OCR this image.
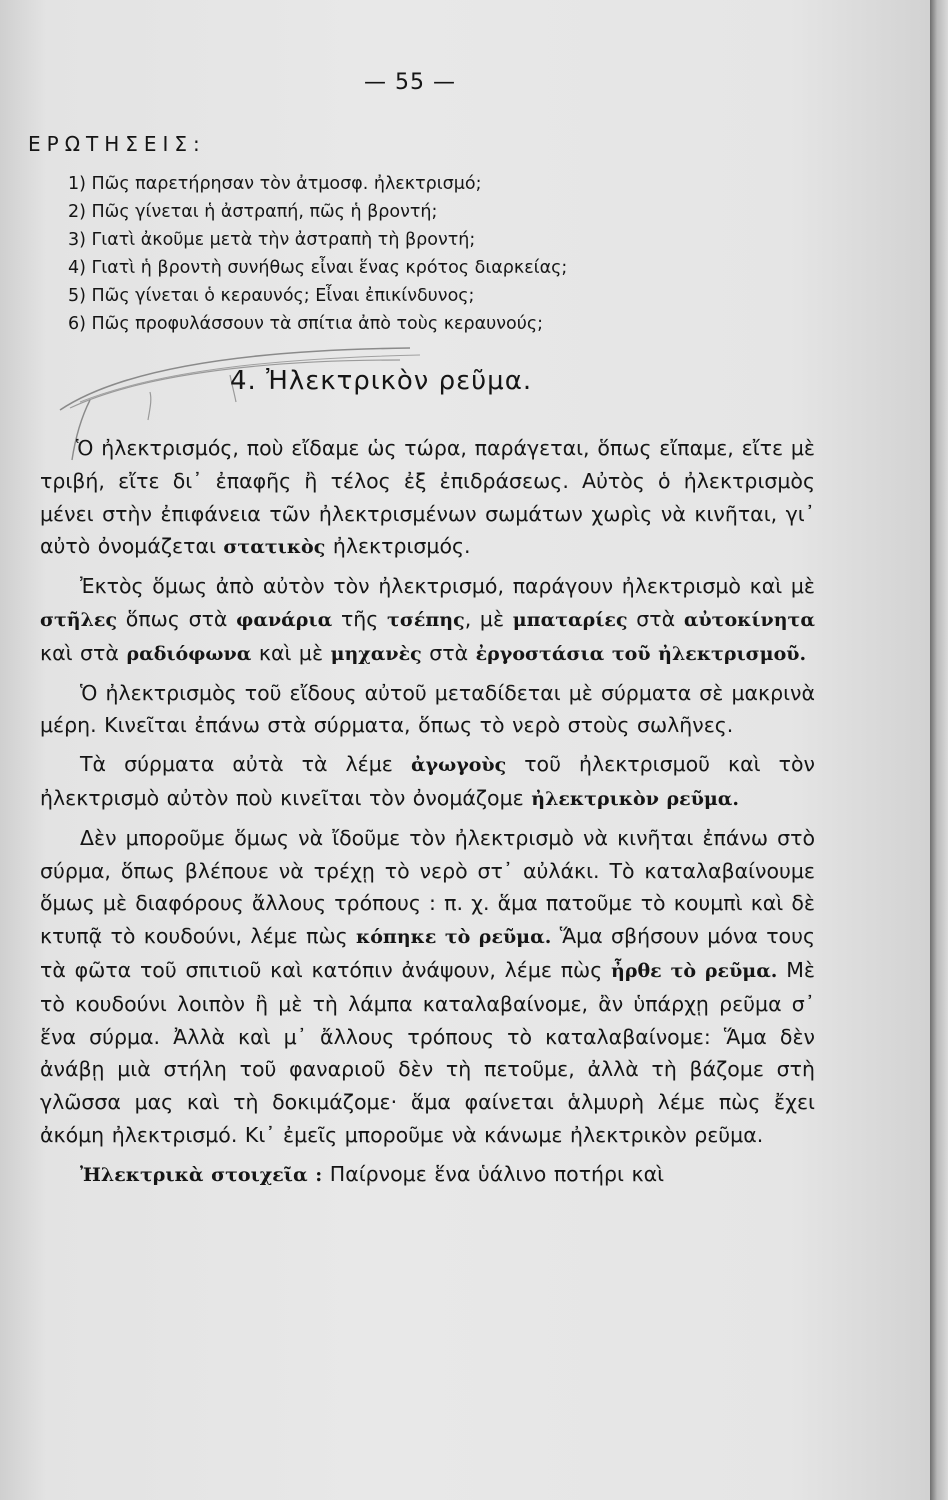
— 55 —
ΕΡΩΤΗΣΕΙΣ:
1) Πῶς παρετήρησαν τὸν ἀτμοσφ. ἠλεκτρισμό;
2) Πῶς γίνεται ἡ ἀστραπή, πῶς ἡ βροντή;
3) Γιατὶ ἀκοῦμε μετὰ τὴν ἀστραπὴ τὴ βροντή;
4) Γιατὶ ἡ βροντὴ συνήθως εἶναι ἕνας κρότος διαρκείας;
5) Πῶς γίνεται ὁ κεραυνός; Εἶναι ἐπικίνδυνος;
6) Πῶς προφυλάσσουν τὰ σπίτια ἀπὸ τοὺς κεραυνούς;
4. Ἠλεκτρικὸν ρεῦμα.

Ὁ ἠλεκτρισμός, ποὺ εἴδαμε ὡς τώρα, παράγεται, ὅπως εἴπαμε, εἴτε μὲ τριβή, εἴτε δι᾽ ἐπαφῆς ἢ τέλος ἐξ ἐπιδράσεως. Αὐτὸς ὁ ἠλεκτρισμὸς μένει στὴν ἐπιφάνεια τῶν ἠλεκτρισμένων σωμάτων χωρὶς νὰ κινῆται, γι᾽ αὐτὸ ὀνομάζεται στατικὸς ἠλεκτρισμός.

Ἐκτὸς ὅμως ἀπὸ αὐτὸν τὸν ἠλεκτρισμό, παράγουν ἠλεκτρισμὸ καὶ μὲ στῆλες ὅπως στὰ φανάρια τῆς τσέπης, μὲ μπαταρίες στὰ αὐτοκίνητα καὶ στὰ ραδιόφωνα καὶ μὲ μηχανὲς στὰ ἐργοστάσια τοῦ ἠλεκτρισμοῦ.

Ὁ ἠλεκτρισμὸς τοῦ εἴδους αὐτοῦ μεταδίδεται μὲ σύρματα σὲ μακρινὰ μέρη. Κινεῖται ἐπάνω στὰ σύρματα, ὅπως τὸ νερὸ στοὺς σωλῆνες.

Τὰ σύρματα αὐτὰ τὰ λέμε ἀγωγοὺς τοῦ ἠλεκτρισμοῦ καὶ τὸν ἠλεκτρισμὸ αὐτὸν ποὺ κινεῖται τὸν ὀνομάζομε ἠλεκτρικὸν ρεῦμα.

Δὲν μποροῦμε ὅμως νὰ ἴδοῦμε τὸν ἠλεκτρισμὸ νὰ κινῆται ἐπάνω στὸ σύρμα, ὅπως βλέπουε νὰ τρέχῃ τὸ νερὸ στ᾽ αὐλάκι. Τὸ καταλαβαίνουμε ὅμως μὲ διαφόρους ἄλλους τρόπους : π. χ. ἅμα πατοῦμε τὸ κουμπὶ καὶ δὲ κτυπᾷ τὸ κουδούνι, λέμε πὼς κόπηκε τὸ ρεῦμα. Ἅμα σβήσουν μόνα τους τὰ φῶτα τοῦ σπιτιοῦ καὶ κατόπιν ἀνάψουν, λέμε πὼς ἦρθε τὸ ρεῦμα. Μὲ τὸ κουδούνι λοιπὸν ἢ μὲ τὴ λάμπα καταλαβαίνομε, ἂν ὑπάρχῃ ρεῦμα σ᾽ ἕνα σύρμα. Ἀλλὰ καὶ μ᾽ ἄλλους τρόπους τὸ καταλαβαίνομε: Ἅμα δὲν ἀνάβῃ μιὰ στήλη τοῦ φαναριοῦ δὲν τὴ πετοῦμε, ἀλλὰ τὴ βάζομε στὴ γλῶσσα μας καὶ τὴ δοκιμάζομε· ἅμα φαίνεται ἁλμυρὴ λέμε πὼς ἔχει ἀκόμη ἠλεκτρισμό. Κι᾽ ἐμεῖς μποροῦμε νὰ κάνωμε ἠλεκτρικὸν ρεῦμα.

Ἠλεκτρικὰ στοιχεῖα : Παίρνομε ἕνα ὑάλινο ποτήρι καὶ
